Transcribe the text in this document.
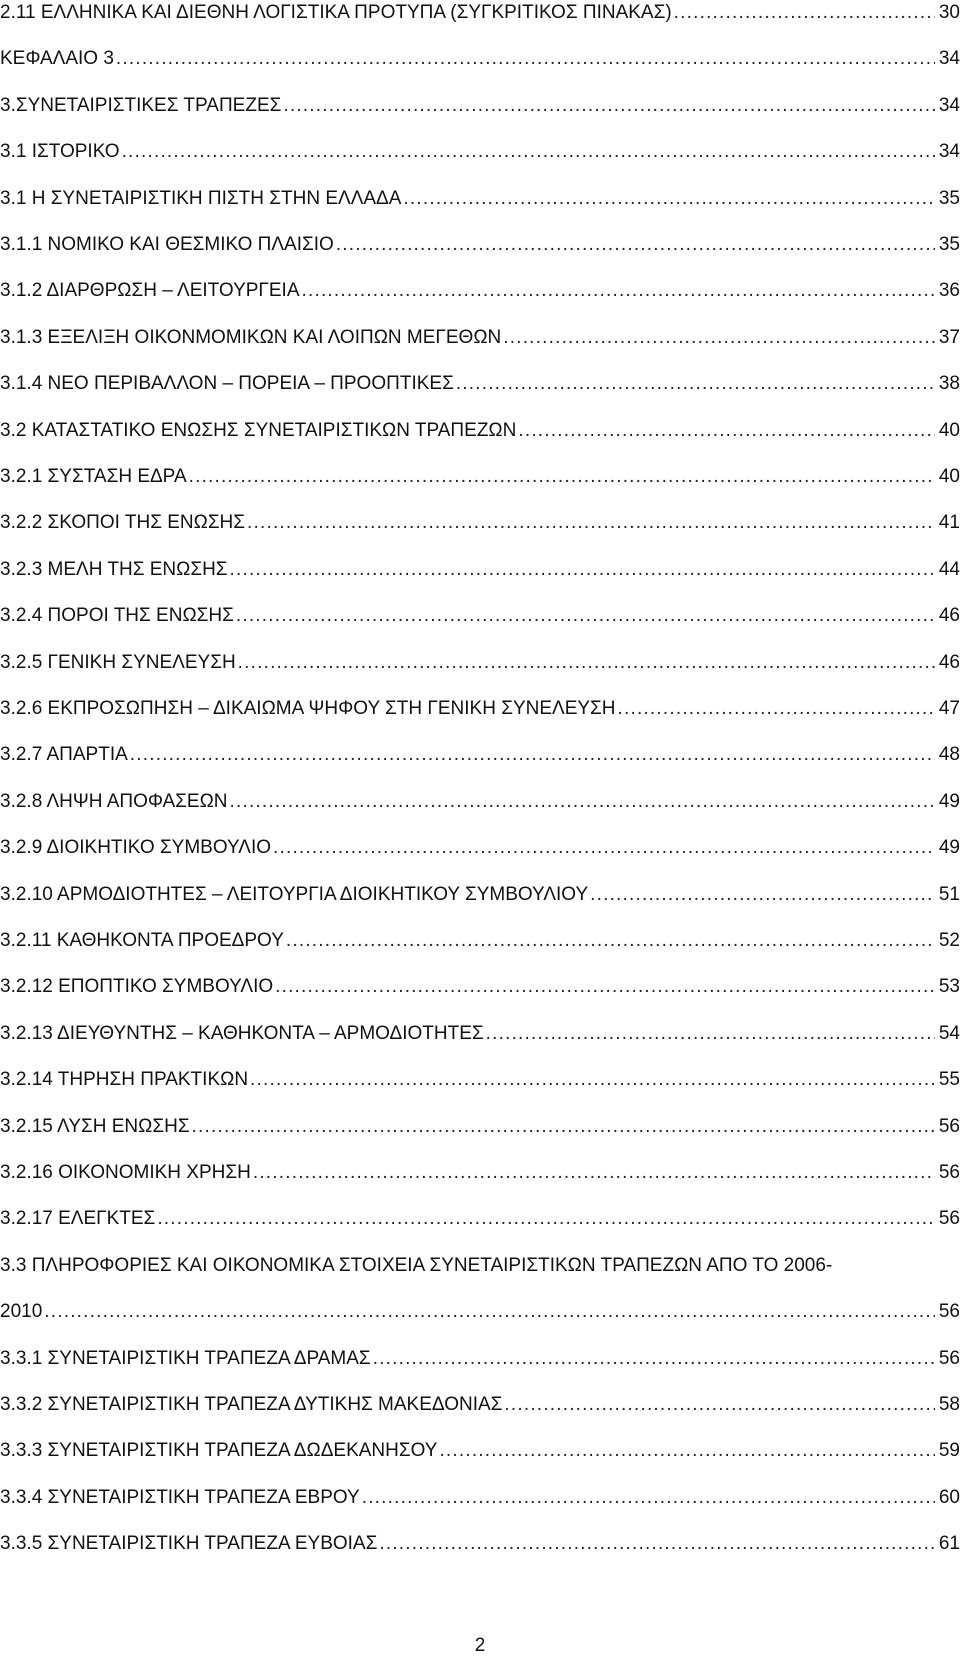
2.11 ΕΛΛΗΝΙΚΑ ΚΑΙ ΔΙΕΘΝΗ ΛΟΓΙΣΤΙΚΑ ΠΡΟΤΥΠΑ (ΣΥΓΚΡΙΤΙΚΟΣ ΠΙΝΑΚΑΣ) .....	30
ΚΕΦΑΛΑΙΟ 3 .....	34
3.ΣΥΝΕΤΑΙΡΙΣΤΙΚΕΣ ΤΡΑΠΕΖΕΣ .....	34
3.1 ΙΣΤΟΡΙΚΟ .....	34
3.1 Η ΣΥΝΕΤΑΙΡΙΣΤΙΚΗ ΠΙΣΤΗ ΣΤΗΝ ΕΛΛΑΔΑ .....	35
3.1.1 ΝΟΜΙΚΟ ΚΑΙ ΘΕΣΜΙΚΟ ΠΛΑΙΣΙΟ .....	35
3.1.2 ΔΙΑΡΘΡΩΣΗ – ΛΕΙΤΟΥΡΓΕΙΑ .....	36
3.1.3 ΕΞΕΛΙΞΗ ΟΙΚΟΝΜΟΜΙΚΩΝ ΚΑΙ ΛΟΙΠΩΝ ΜΕΓΕΘΩΝ .....	37
3.1.4 ΝΕΟ ΠΕΡΙΒΑΛΛΟΝ – ΠΟΡΕΙΑ – ΠΡΟΟΠΤΙΚΕΣ .....	38
3.2 ΚΑΤΑΣΤΑΤΙΚΟ ΕΝΩΣΗΣ ΣΥΝΕΤΑΙΡΙΣΤΙΚΩΝ ΤΡΑΠΕΖΩΝ .....	40
3.2.1 ΣΥΣΤΑΣΗ ΕΔΡΑ .....	40
3.2.2 ΣΚΟΠΟΙ ΤΗΣ ΕΝΩΣΗΣ .....	41
3.2.3 ΜΕΛΗ ΤΗΣ ΕΝΩΣΗΣ .....	44
3.2.4 ΠΟΡΟΙ ΤΗΣ ΕΝΩΣΗΣ .....	46
3.2.5 ΓΕΝΙΚΗ ΣΥΝΕΛΕΥΣΗ .....	46
3.2.6 ΕΚΠΡΟΣΩΠΗΣΗ – ΔΙΚΑΙΩΜΑ ΨΗΦΟΥ ΣΤΗ ΓΕΝΙΚΗ ΣΥΝΕΛΕΥΣΗ .....	47
3.2.7 ΑΠΑΡΤΙΑ .....	48
3.2.8 ΛΗΨΗ ΑΠΟΦΑΣΕΩΝ .....	49
3.2.9 ΔΙΟΙΚΗΤΙΚΟ ΣΥΜΒΟΥΛΙΟ .....	49
3.2.10 ΑΡΜΟΔΙΟΤΗΤΕΣ – ΛΕΙΤΟΥΡΓΙΑ ΔΙΟΙΚΗΤΙΚΟΥ ΣΥΜΒΟΥΛΙΟΥ .....	51
3.2.11 ΚΑΘΗΚΟΝΤΑ ΠΡΟΕΔΡΟΥ .....	52
3.2.12 ΕΠΟΠΤΙΚΟ ΣΥΜΒΟΥΛΙΟ .....	53
3.2.13 ΔΙΕΥΘΥΝΤΗΣ – ΚΑΘΗΚΟΝΤΑ – ΑΡΜΟΔΙΟΤΗΤΕΣ .....	54
3.2.14 ΤΗΡΗΣΗ ΠΡΑΚΤΙΚΩΝ .....	55
3.2.15 ΛΥΣΗ ΕΝΩΣΗΣ .....	56
3.2.16 ΟΙΚΟΝΟΜΙΚΗ ΧΡΗΣΗ .....	56
3.2.17 ΕΛΕΓΚΤΕΣ .....	56
3.3 ΠΛΗΡΟΦΟΡΙΕΣ ΚΑΙ ΟΙΚΟΝΟΜΙΚΑ ΣΤΟΙΧΕΙΑ ΣΥΝΕΤΑΙΡΙΣΤΙΚΩΝ ΤΡΑΠΕΖΩΝ ΑΠΟ ΤΟ 2006-
2010 .....	56
3.3.1 ΣΥΝΕΤΑΙΡΙΣΤΙΚΗ ΤΡΑΠΕΖΑ ΔΡΑΜΑΣ .....	56
3.3.2 ΣΥΝΕΤΑΙΡΙΣΤΙΚΗ ΤΡΑΠΕΖΑ ΔΥΤΙΚΗΣ ΜΑΚΕΔΟΝΙΑΣ .....	58
3.3.3 ΣΥΝΕΤΑΙΡΙΣΤΙΚΗ ΤΡΑΠΕΖΑ ΔΩΔΕΚΑΝΗΣΟΥ .....	59
3.3.4 ΣΥΝΕΤΑΙΡΙΣΤΙΚΗ ΤΡΑΠΕΖΑ ΕΒΡΟΥ .....	60
3.3.5 ΣΥΝΕΤΑΙΡΙΣΤΙΚΗ ΤΡΑΠΕΖΑ ΕΥΒΟΙΑΣ .....	61
2
